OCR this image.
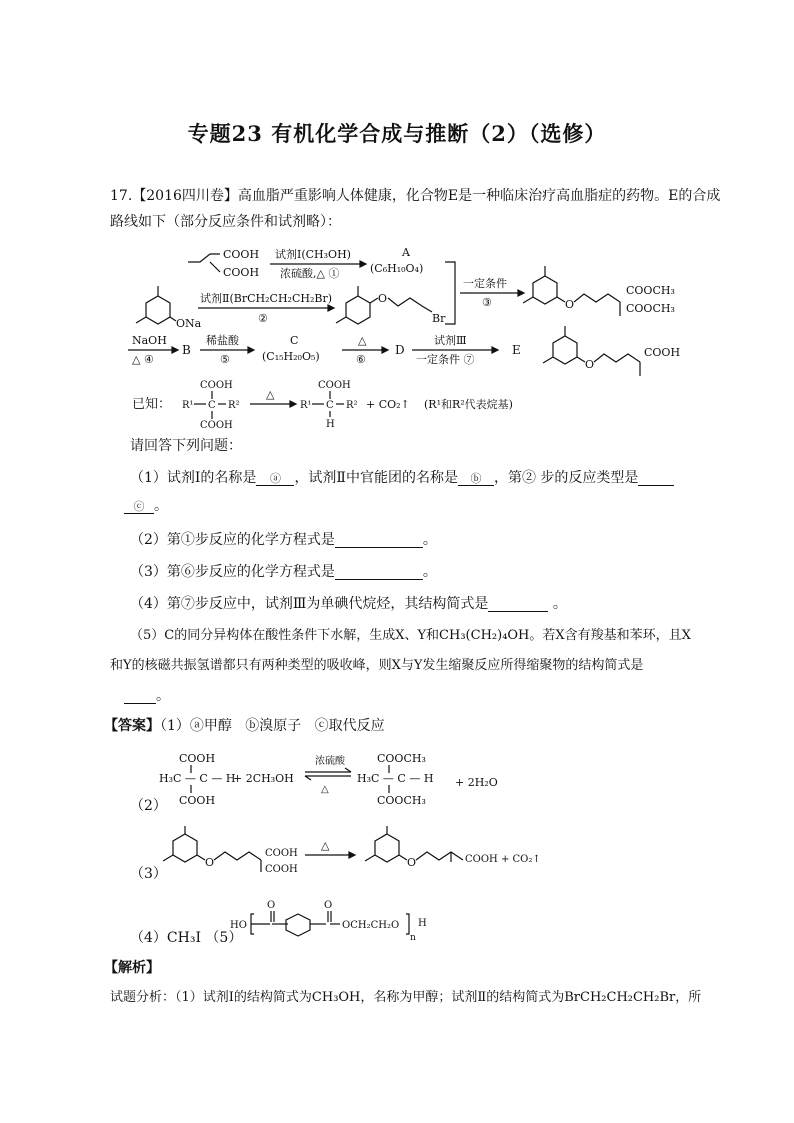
专题23 有机化学合成与推断（2）（选修）
17.【2016四川卷】高血脂严重影响人体健康，化合物E是一种临床治疗高血脂症的药物。E的合成
路线如下（部分反应条件和试剂略）：
COOH
COOH
试剂Ⅰ(CH₃OH)
浓硫酸,△ ①
A
(C₆H₁₀O₄)
一定条件
③	O
COOCH₃
COOCH₃
ONa
试剂Ⅱ(BrCH₂CH₂CH₂Br)
②
O
Br
NaOH
△ ④
B
稀盐酸
⑤
C
(C₁₅H₂₀O₅)
△
⑥
D
试剂Ⅲ
一定条件 ⑦
E
O
COOH
已知：
COOH
R¹ C R²
COOH
△
COOH
R¹ C R²
H
+ CO₂↑ (R¹和R²代表烷基)
请回答下列问题：
（1）试剂Ⅰ的名称是 ⓐ ，试剂Ⅱ中官能团的名称是 ⓑ ，第② 步的反应类型是
ⓒ 。
（2）第①步反应的化学方程式是	。
（3）第⑥步反应的化学方程式是	。
（4）第⑦步反应中，试剂Ⅲ为单碘代烷烃，其结构简式是	。
（5）C的同分异构体在酸性条件下水解，生成X、Y和CH₃(CH₂)₄OH。若X含有羧基和苯环，且X
和Y的核磁共振氢谱都只有两种类型的吸收峰，则X与Y发生缩聚反应所得缩聚物的结构简式是
。
【答案】（1）ⓐ甲醇 ⓑ溴原子 ⓒ取代反应
（2）
COOH
H₃C — C — H
COOH
+ 2CH₃OH
浓硫酸
△
COOCH₃
H₃C — C — H
COOCH₃
+ 2H₂O
（3）
O
COOH
COOH
△
O	COOH + CO₂↑
（4）CH₃I （5）
HO
O	O
OCH₂CH₂O
n
H
【解析】
试题分析：（1）试剂Ⅰ的结构简式为CH₃OH，名称为甲醇；试剂Ⅱ的结构简式为BrCH₂CH₂CH₂Br，所
